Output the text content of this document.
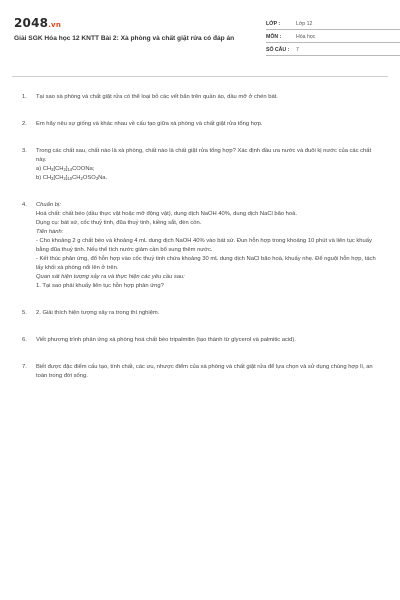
2048.vn
Giải SGK Hóa học 12 KNTT Bài 2: Xà phòng và chất giặt rửa có đáp án
LỚP :	Lớp 12
MÔN :	Hóa học
SỐ CÂU :	7
1.	Tại sao xà phòng và chất giặt rửa có thể loại bỏ các vết bẩn trên quần áo, dầu mỡ ở chén bát.

2.	Em hãy nêu sự giống và khác nhau về cấu tạo giữa xà phòng và chất giặt rửa tổng hợp.

3.	Trong các chất sau, chất nào là xà phòng, chất nào là chất giặt rửa tổng hợp? Xác định đầu ưa nước và đuôi kị nước của các chất này.

a) $CH_3[CH_2]_{14}COONa$;

b) $CH_3[CH_2]_{10}CH_2OSO_3Na$.

4.	Chuẩn bị:

Hoá chất: chất béo (dầu thực vật hoặc mỡ động vật), dung dịch NaOH 40%, dung dịch NaCl bão hoà.

Dụng cụ: bát sứ, cốc thuỷ tinh, đũa thuỷ tinh, kiềng sắt, đèn cồn.

Tiến hành:

- Cho khoảng 2 g chất béo và khoảng 4 mL dung dịch NaOH 40% vào bát sứ. Đun hỗn hợp trong khoảng 10 phút và liên tục khuấy bằng đũa thuỷ tinh. Nếu thể tích nước giảm cần bổ sung thêm nước.

- Kết thúc phản ứng, đổ hỗn hợp vào cốc thuỷ tinh chứa khoảng 30 mL dung dịch NaCl bão hoà, khuấy nhẹ. Để nguội hỗn hợp, tách lấy khối xà phòng nổi lên ở trên.

Quan sát hiện tượng xảy ra và thực hiện các yêu cầu sau:

1. Tại sao phải khuấy liên tục hỗn hợp phản ứng?

5.	2. Giải thích hiện tượng xảy ra trong thí nghiệm.

6.	Viết phương trình phản ứng xà phòng hoá chất béo tripalmitin (tạo thành từ glycerol và palmitic acid).

7.	Biết được đặc điểm cấu tạo, tính chất, các ưu, nhược điểm của xà phòng và chất giặt rửa để lựa chọn và sử dụng chúng hợp lí, an toàn trong đời sống.
